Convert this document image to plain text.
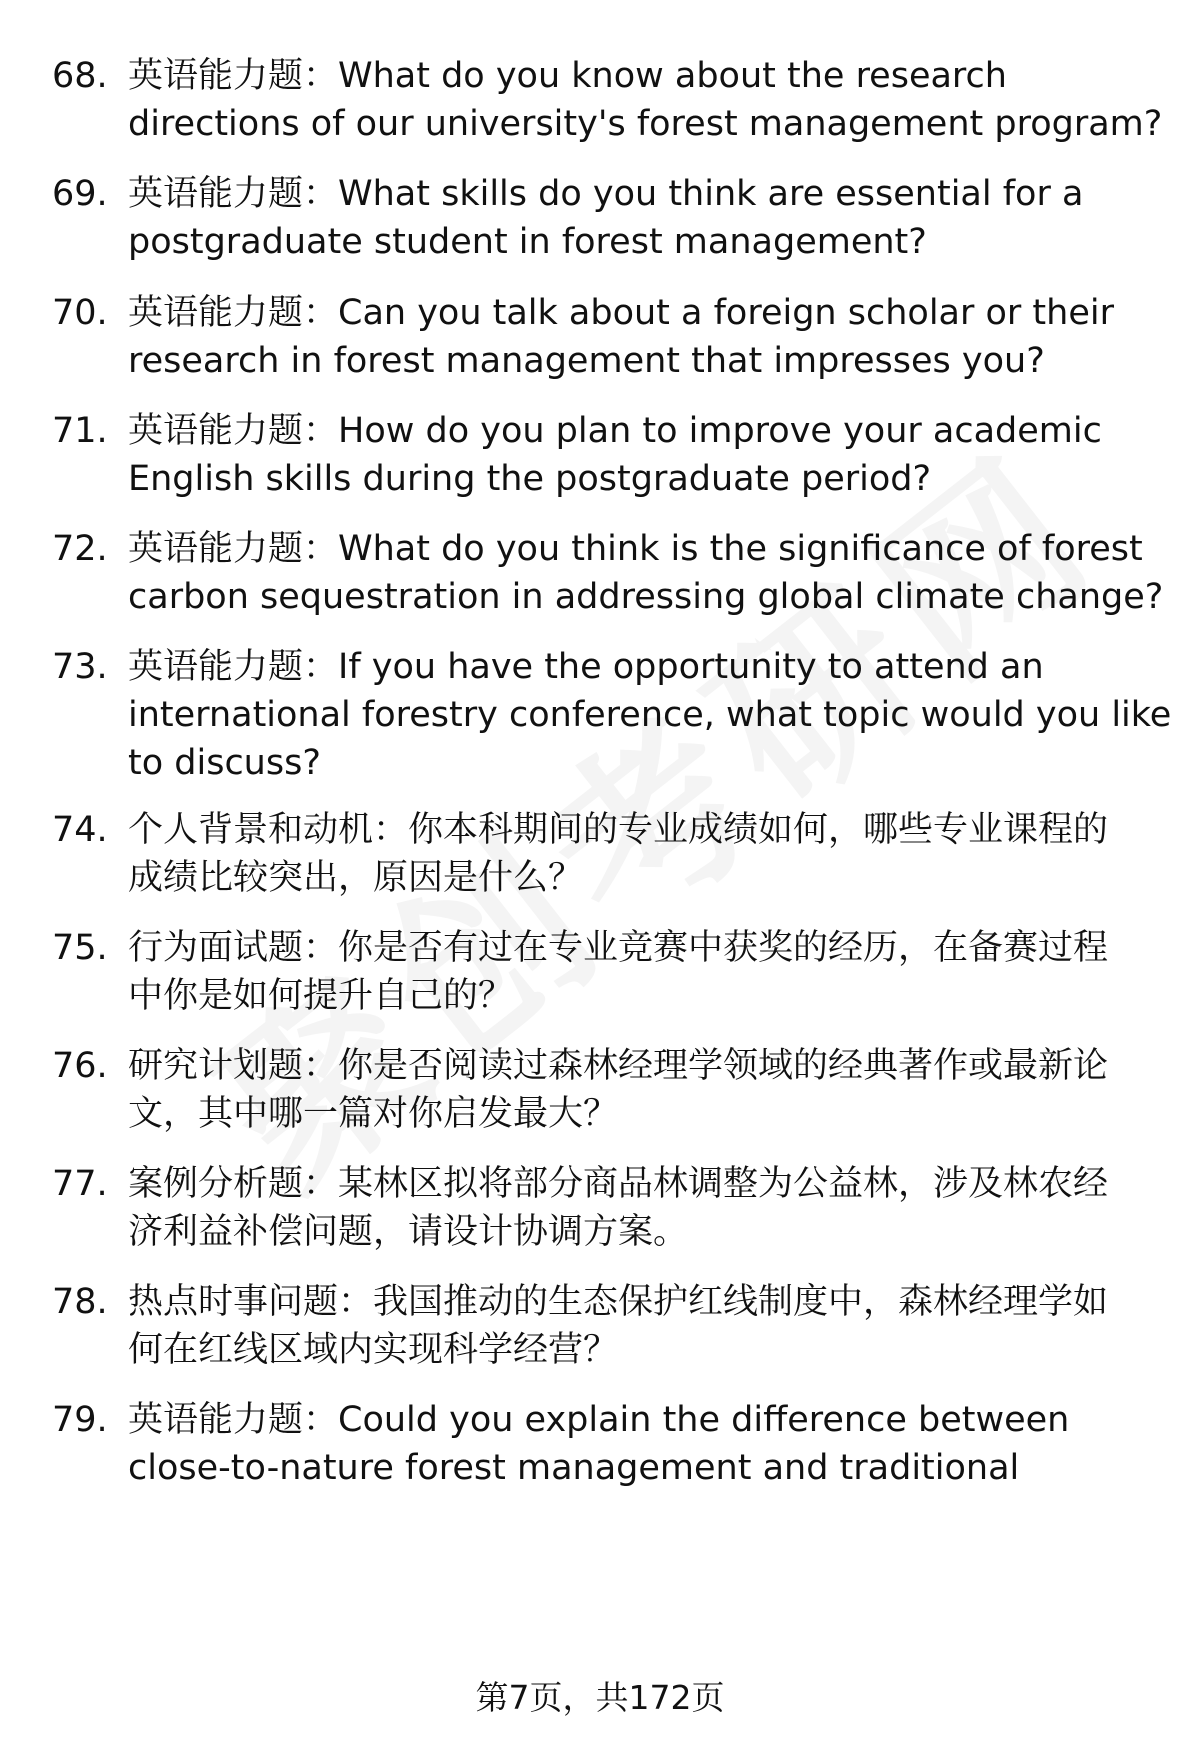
68. 英语能力题：What do you know about the research
directions of our university's forest management program?
69. 英语能力题：What skills do you think are essential for a
postgraduate student in forest management?
70. 英语能力题：Can you talk about a foreign scholar or their
research in forest management that impresses you?
71. 英语能力题：How do you plan to improve your academic
English skills during the postgraduate period?
72. 英语能力题：What do you think is the significance of forest
carbon sequestration in addressing global climate change?
73. 英语能力题：If you have the opportunity to attend an
international forestry conference, what topic would you like
to discuss?
74. 个人背景和动机：你本科期间的专业成绩如何，哪些专业课程的
成绩比较突出，原因是什么？
75. 行为面试题：你是否有过在专业竞赛中获奖的经历，在备赛过程
中你是如何提升自己的？
76. 研究计划题：你是否阅读过森林经理学领域的经典著作或最新论
文，其中哪一篇对你启发最大？
77. 案例分析题：某林区拟将部分商品林调整为公益林，涉及林农经
济利益补偿问题，请设计协调方案。
78. 热点时事问题：我国推动的生态保护红线制度中，森林经理学如
何在红线区域内实现科学经营？
79. 英语能力题：Could you explain the difference between
close-to-nature forest management and traditional
第7页，共172页
